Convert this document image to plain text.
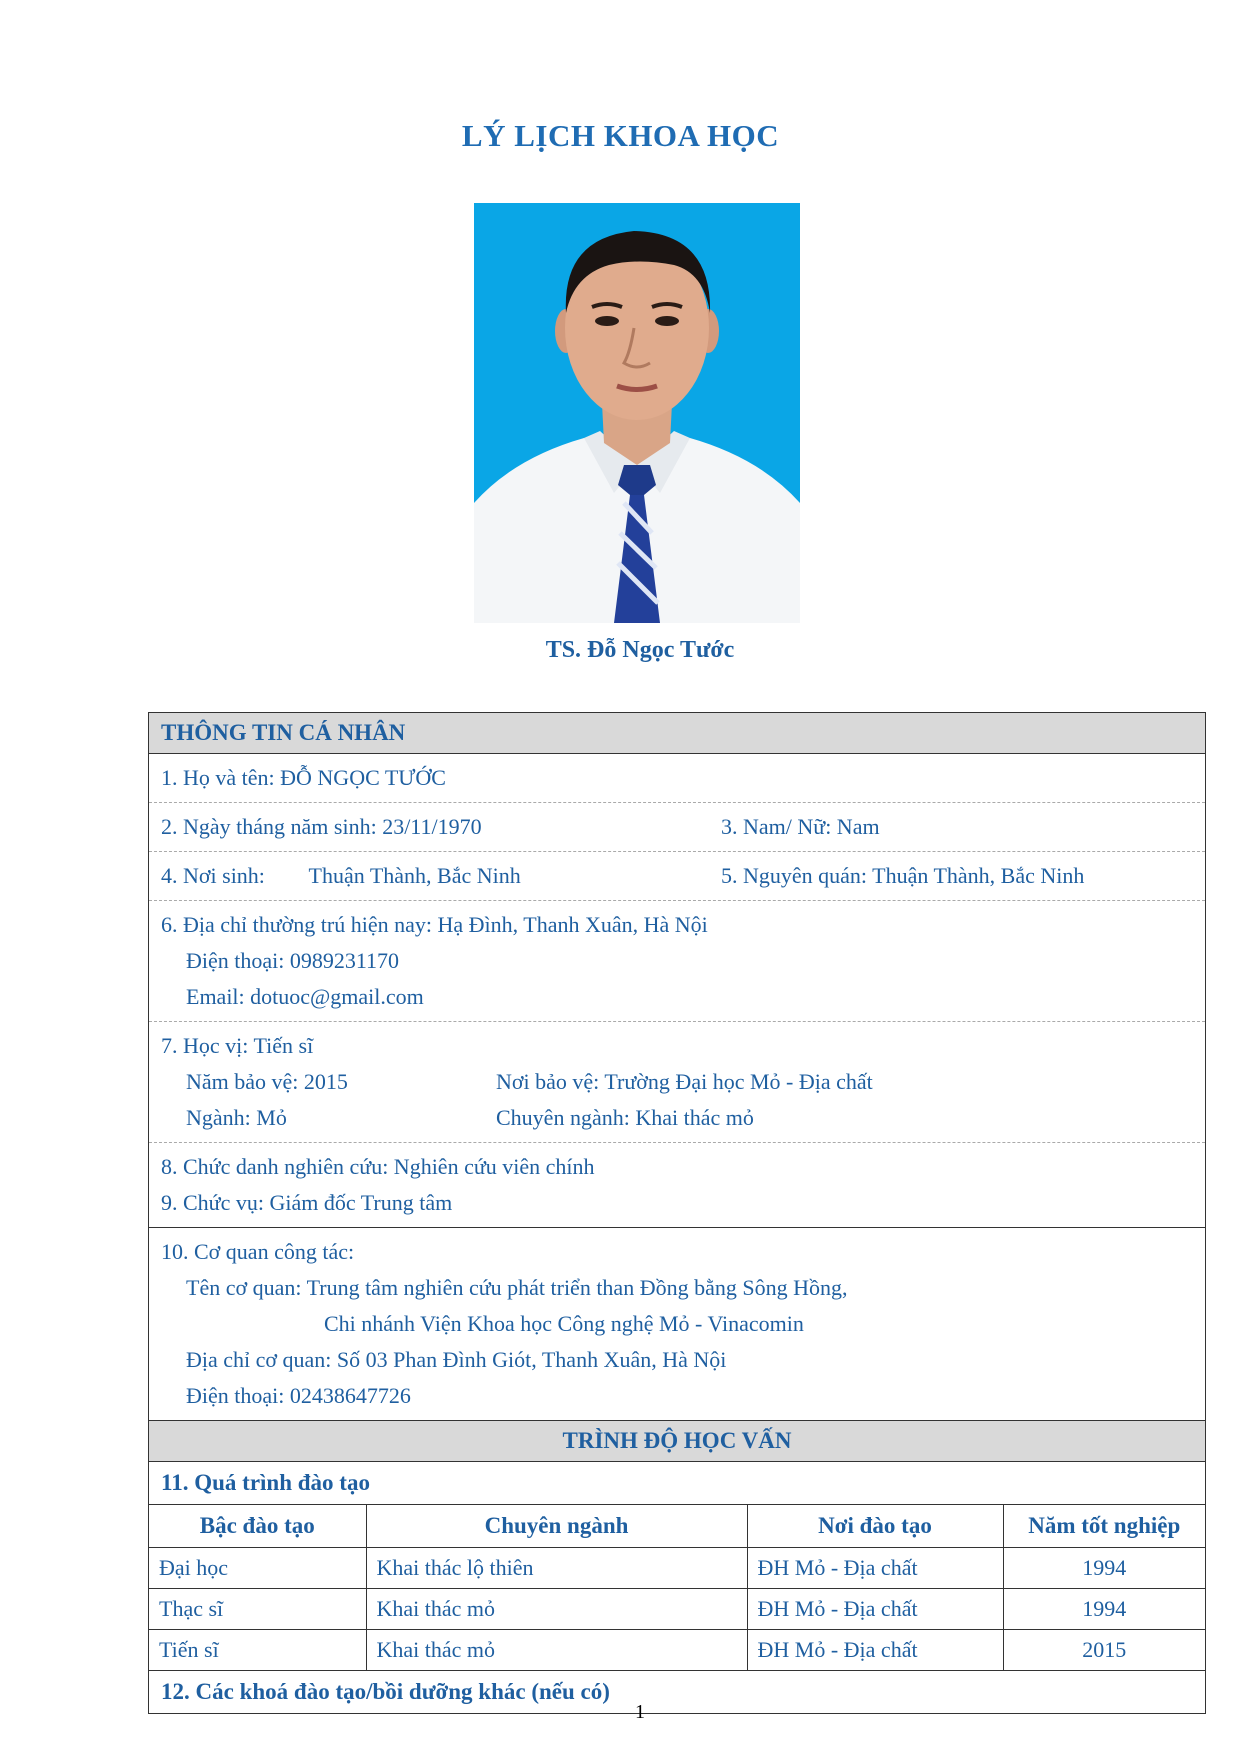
LÝ LỊCH KHOA HỌC
TS. Đỗ Ngọc Tước
THÔNG TIN CÁ NHÂN
1. Họ và tên: ĐỖ NGỌC TƯỚC
2. Ngày tháng năm sinh: 23/11/1970	3. Nam/ Nữ: Nam
4. Nơi sinh:        Thuận Thành, Bắc Ninh	5. Nguyên quán: Thuận Thành, Bắc Ninh
6. Địa chỉ thường trú hiện nay: Hạ Đình, Thanh Xuân, Hà Nội
Điện thoại: 0989231170
Email: dotuoc@gmail.com
7. Học vị: Tiến sĩ
Năm bảo vệ: 2015	Nơi bảo vệ: Trường Đại học Mỏ - Địa chất
Ngành: Mỏ	Chuyên ngành: Khai thác mỏ
8. Chức danh nghiên cứu: Nghiên cứu viên chính
9. Chức vụ: Giám đốc Trung tâm
10. Cơ quan công tác:
Tên cơ quan: Trung tâm nghiên cứu phát triển than Đồng bằng Sông Hồng,
Chi nhánh Viện Khoa học Công nghệ Mỏ - Vinacomin
Địa chỉ cơ quan: Số 03 Phan Đình Giót, Thanh Xuân, Hà Nội
Điện thoại: 02438647726
TRÌNH ĐỘ HỌC VẤN
11. Quá trình đào tạo
Bậc đào tạo	Chuyên ngành	Nơi đào tạo	Năm tốt nghiệp
Đại học	Khai thác lộ thiên	ĐH Mỏ - Địa chất	1994
Thạc sĩ	Khai thác mỏ	ĐH Mỏ - Địa chất	1994
Tiến sĩ	Khai thác mỏ	ĐH Mỏ - Địa chất	2015
12. Các khoá đào tạo/bồi dưỡng khác (nếu có)
1
